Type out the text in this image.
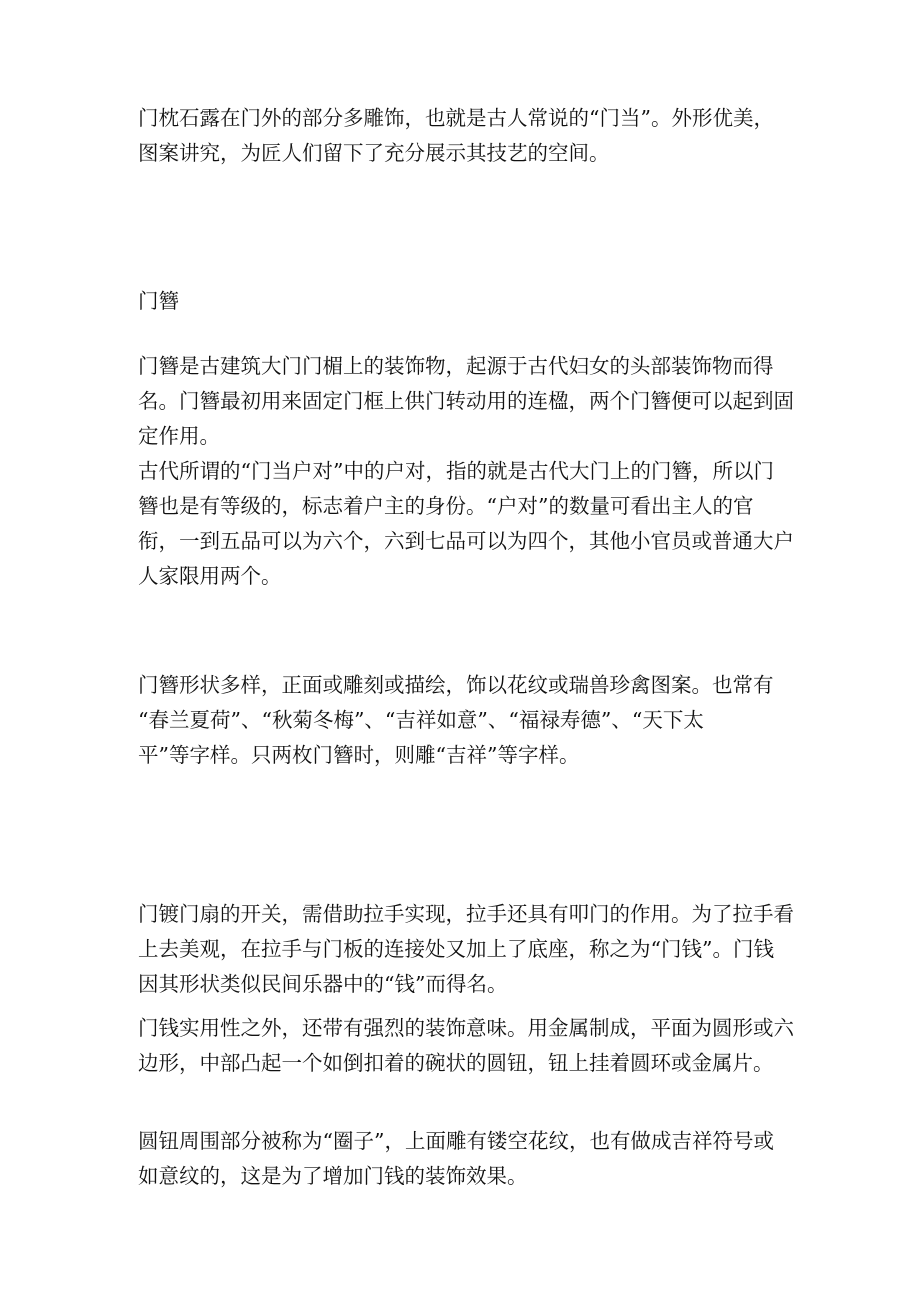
门枕石露在门外的部分多雕饰，也就是古人常说的“门当”。外形优美，
图案讲究，为匠人们留下了充分展示其技艺的空间。
门簪
门簪是古建筑大门门楣上的装饰物，起源于古代妇女的头部装饰物而得
名。门簪最初用来固定门框上供门转动用的连楹，两个门簪便可以起到固
定作用。
古代所谓的“门当户对”中的户对，指的就是古代大门上的门簪，所以门
簪也是有等级的，标志着户主的身份。“户对”的数量可看出主人的官
衔，一到五品可以为六个，六到七品可以为四个，其他小官员或普通大户
人家限用两个。
门簪形状多样，正面或雕刻或描绘，饰以花纹或瑞兽珍禽图案。也常有
“春兰夏荷”、“秋菊冬梅”、“吉祥如意”、“福禄寿德”、“天下太
平”等字样。只两枚门簪时，则雕“吉祥”等字样。
门镀门扇的开关，需借助拉手实现，拉手还具有叩门的作用。为了拉手看
上去美观，在拉手与门板的连接处又加上了底座，称之为“门钱”。门钱
因其形状类似民间乐器中的“钱”而得名。
门钱实用性之外，还带有强烈的装饰意味。用金属制成，平面为圆形或六
边形，中部凸起一个如倒扣着的碗状的圆钮，钮上挂着圆环或金属片。
圆钮周围部分被称为“圈子”，上面雕有镂空花纹，也有做成吉祥符号或
如意纹的，这是为了增加门钱的装饰效果。
